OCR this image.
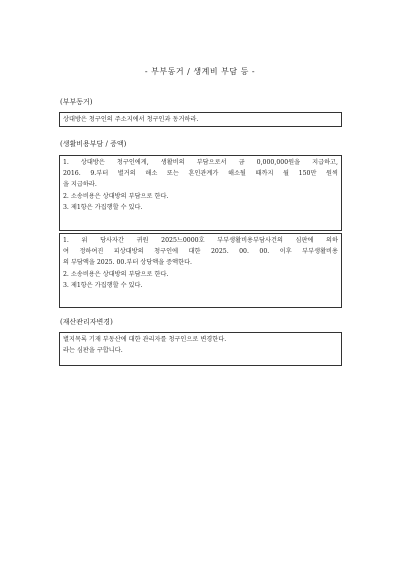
- 부부동거 / 생계비 부담 등 -
(부부동거)
상대방은 청구인의 주소지에서 청구인과 동거하라.
(생활비용부담 / 증액)
1. 상대방은 청구인에게, 생활비의 부담으로서 금 0,000,000원을 지급하고,
2016. 9.부터 별거의 해소 또는 혼인관계가 해소될 때까지 월 150만 원씩
을 지급하라.
2. 소송비용은 상대방의 부담으로 한다.
3. 제1항은 가집행할 수 있다.
1. 위 당사자간 귀원 2025느0000호 부부생활비용부담사건의 심판에 의하
여 정하여진 피상대방의 청구인에 대한 2025. 00. 00. 이후 부부생활비용
의 부담액을 2025. 00.부터 상당액을 증액한다.
2. 소송비용은 상대방의 부담으로 한다.
3. 제1항은 가집행할 수 있다.
(재산관리자변경)
별지목록 기재 부동산에 대한 관리자를 청구인으로 변경한다.
라는 심판을 구합니다.
